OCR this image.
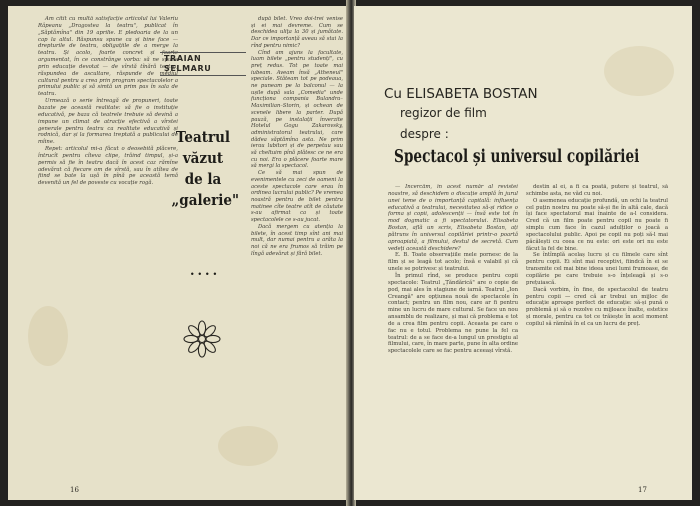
Am citit cu multă satisfacție articolul lui Valeriu Râpeanu „Dragostea la teatru", publicat în „Săptămîna" din 19 aprilie. E pledoaria de la un cap la altul. Răspunsu spune ca și bine face — drepturile de teatru, obligațiile de a merge la teatru. Și acolo, foarte concret și foarte argumentat, în ce constrânge vorba: să ne spune prin educație devotat — de vîrstă tînără teatru, răspundea de ascultare, răspunde de mediul cultural pentru a crea prin program spectacolelor a primului public și să simtă un prim pas în sala de teatru.

Urmează o serie întreagă de propuneri, toate bazate pe această realitate: să fie o instituție educativă, pe baza că teatrele trebuie să devină a impune un climat de atracție efectivă a vîrstei generale pentru teatru ca realitate educativă și rodnică, dar și la formarea treptată a publicului de mîine.

Repet: articolul mi-a făcut o deosebită plăcere, întrucît pentru cîteva clipe, trăind timpul, și-a permis să fie în teatru dacă în acest caz rămîne adevărat că fiecare om de vîrstă, sau în atîtea de fiind se bate la ușă în pînă pe această temă devenită un fel de poveste cu vocație rogă.

după bilet. Vreo doi-trei venise și ei mai devreme. Cum se deschidea uliţa la 30 și jumătate. Dar ce importanță aveau să stai la rînd pentru nimic?

Cînd am ajuns la facultate, luam bilete „pentru studenți", cu preț redus. Tot pe toate mai iubeam. Aveam însă „Atheneul" speciale. Stăteam tot pe podeaua, ne puneam pe la balconul — la ușile după sala „Comedia" unde funcționa compania Bulandra–Maximilian–Storin, și ochean de scenele libere la parter. După pauză, pe instalații înverzite Hotelul Gogu Zakarovsky, administratorul teatrului, care dădea săptămîna asta. Ne prim ierau lubitori și de perpetuu sau să cheltuim pînă plătesc ce ne era cu noi. Era o plăcere foarte mare să mergi la spectacol.

Ce să mai spun de evenimentele cu zeci de oameni la aceste spectacole care erau în ordinea lucrului public? Pe vremea noastră pentru de bilet pentru matinee cîte teatre atît de căutate s-au afirmat ca și toate spectacolele ce s-au jucat.

Dacă mergem cu atenția la bilete, în acest timp sînt ani mai mult, dar numai pentru a arăta la noi că ne era frumos să trăim pe lîngă adevărat și fără bilet.

TRAIAN ȘELMARU
Teatrul
văzut
de la
„galerie"
....
16
Cu ELISABETA BOSTAN
regizor de film
despre :
Spectacol și universul copilăriei

— Încercăm, în acest număr al revistei noastre, să deschidem o discuție amplă în jurul unei teme de o importanță capitală: influența educativă a teatrului, necesitatea să-și ridice o forma și copii, adolescenții — însă este tot în mod dogmatic a fi spectatorului. Elisabeta Bostan, află un scris, Elisabeta Bostan, ați pătruns în universul copilăriei printr-o poartă aproapiată, a filmului, destul de secretă. Cum vedeți această deschidere?

E. B. Toate observațiile mele pornesc de la film și se leagă tot acolo; însă e valabil și că unele se potrivesc și teatrului.

În primul rînd, se produce pentru copii spectacole: Teatrul „Țăndărică" are o copie de pod, mai ales în stagiune de iarnă. Teatrul „Ion Creangă" are opțiunea nouă de spectacole în contact; pentru un film nou, care ar fi pentru mine un lucru de mare cultural. Se face un nou ansamblu de realizare, și mai că problema e tot de a crea film pentru copii. Aceasta pe care o fac nu e totul. Problema ne pune la fel ca teatrul: de a se face de-a lungul un prestigiu al filmului, care, în mare parte, pune în alta ordine spectacolele care se fac pentru aceeași vîrstă.

destin al ei, a fi ca poată, putere și teatrul, să schimbe asta, ne văd cu noi.

O asemenea educație profundă, un ochi la teatrul cel puțin nostru nu poate să-și fie în altă cale, dacă își face spectatorul mai înainte de a-l considera. Cred că un film poate pentru copil nu poate fi simplu cum face în cazul adulților o joacă a spectacolului public. Apoi pe copil nu poți să-l mai păcălești cu ceea ce nu este: ori este ori nu este făcut la fel de bine.

Se întîmplă acelaș lucru și cu filmele care sînt pentru copii. Ei sînt mai receptivi, fiindcă în ei se transmite cel mai bine ideea unei lumi frumoase, de copilărie pe care trebuie s-o înțeleagă și s-o prețuiască.

Dacă vorbim, în fine, de spectacolul de teatru pentru copii — cred că ar trebui un mijloc de educație aproape perfect de educație: să-și pună o problemă și să o rezolve cu mijloace înalte, estetice și morale, pentru ca tot ce trăiește în acel moment copilul să rămînă în el ca un lucru de preț.

17
